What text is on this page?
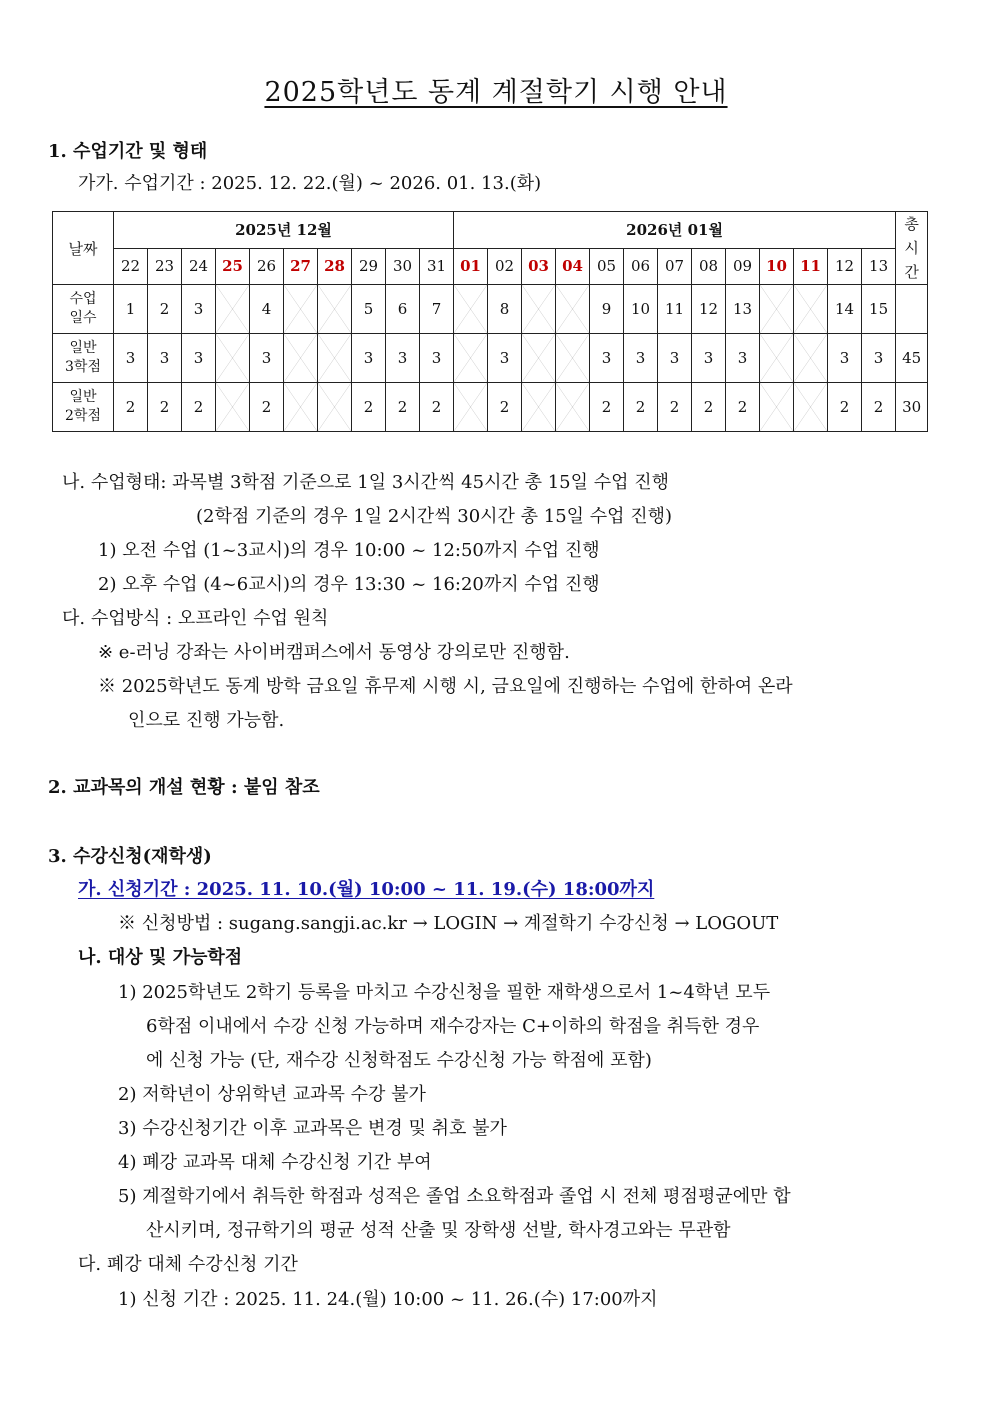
2025학년도 동계 계절학기 시행 안내
1. 수업기간 및 형태
가가. 수업기간 : 2025. 12. 22.(월) ~ 2026. 01. 13.(화)
날짜	2025년 12월										2026년 01월													총
시
간
	22	23	24	25	26	27	28	29	30	31	01	02	03	04	05	06	07	08	09	10	11	12	13	
수업
일수	1	2	3		4			5	6	7		8			9	10	11	12	13			14	15	
일반
3학점	3	3	3		3			3	3	3		3			3	3	3	3	3			3	3	45
일반
2학점	2	2	2		2			2	2	2		2			2	2	2	2	2			2	2	30
나. 수업형태: 과목별 3학점 기준으로 1일 3시간씩 45시간 총 15일 수업 진행
(2학점 기준의 경우 1일 2시간씩 30시간 총 15일 수업 진행)
1) 오전 수업 (1~3교시)의 경우 10:00 ~ 12:50까지 수업 진행
2) 오후 수업 (4~6교시)의 경우 13:30 ~ 16:20까지 수업 진행
다. 수업방식 : 오프라인 수업 원칙
※ e-러닝 강좌는 사이버캠퍼스에서 동영상 강의로만 진행함.
※ 2025학년도 동계 방학 금요일 휴무제 시행 시, 금요일에 진행하는 수업에 한하여 온라
인으로 진행 가능함.
2. 교과목의 개설 현황 : 붙임 참조
3. 수강신청(재학생)
가. 신청기간 : 2025. 11. 10.(월) 10:00 ~ 11. 19.(수) 18:00까지
※ 신청방법 : sugang.sangji.ac.kr → LOGIN → 계절학기 수강신청 → LOGOUT
나. 대상 및 가능학점
1) 2025학년도 2학기 등록을 마치고 수강신청을 필한 재학생으로서 1~4학년 모두
6학점 이내에서 수강 신청 가능하며 재수강자는 C+이하의 학점을 취득한 경우
에 신청 가능 (단, 재수강 신청학점도 수강신청 가능 학점에 포함)
2) 저학년이 상위학년 교과목 수강 불가
3) 수강신청기간 이후 교과목은 변경 및 취호 불가
4) 폐강 교과목 대체 수강신청 기간 부여
5) 계절학기에서 취득한 학점과 성적은 졸업 소요학점과 졸업 시 전체 평점평균에만 합
산시키며, 정규학기의 평균 성적 산출 및 장학생 선발, 학사경고와는 무관함
다. 폐강 대체 수강신청 기간
1) 신청 기간 : 2025. 11. 24.(월) 10:00 ~ 11. 26.(수) 17:00까지
